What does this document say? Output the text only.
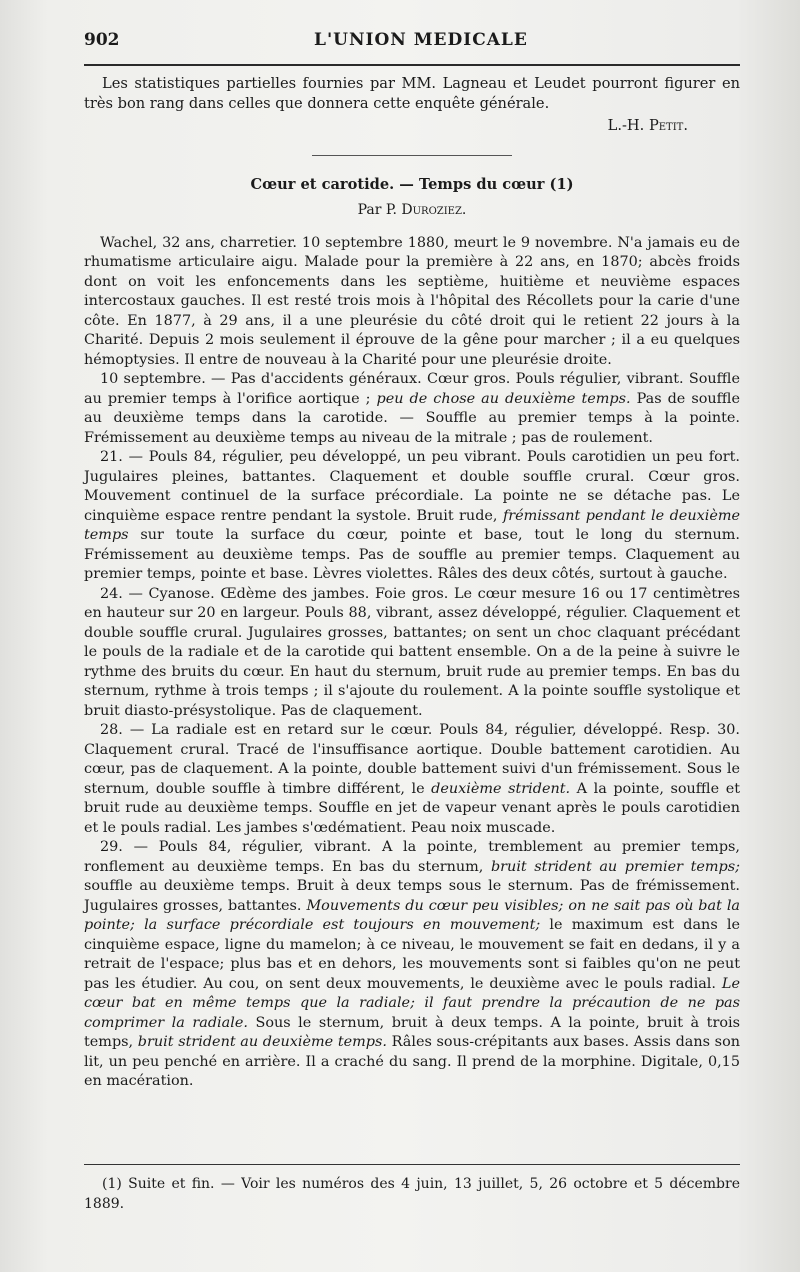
902	L'UNION MEDICALE

Les statistiques partielles fournies par MM. Lagneau et Leudet pourront figurer en très bon rang dans celles que donnera cette enquête générale.

L.-H. Petit.
Cœur et carotide. — Temps du cœur (1)
Par P. Duroziez.

Wachel, 32 ans, charretier. 10 septembre 1880, meurt le 9 novembre. N'a jamais eu de rhumatisme articulaire aigu. Malade pour la première à 22 ans, en 1870; abcès froids dont on voit les enfoncements dans les septième, huitième et neuvième espaces intercostaux gauches. Il est resté trois mois à l'hôpital des Récollets pour la carie d'une côte. En 1877, à 29 ans, il a une pleurésie du côté droit qui le retient 22 jours à la Charité. Depuis 2 mois seulement il éprouve de la gêne pour marcher ; il a eu quelques hémoptysies. Il entre de nouveau à la Charité pour une pleurésie droite.

10 septembre. — Pas d'accidents généraux. Cœur gros. Pouls régulier, vibrant. Souffle au premier temps à l'orifice aortique ; peu de chose au deuxième temps. Pas de souffle au deuxième temps dans la carotide. — Souffle au premier temps à la pointe. Frémissement au deuxième temps au niveau de la mitrale ; pas de roulement.

21. — Pouls 84, régulier, peu développé, un peu vibrant. Pouls carotidien un peu fort. Jugulaires pleines, battantes. Claquement et double souffle crural. Cœur gros. Mouvement continuel de la surface précordiale. La pointe ne se détache pas. Le cinquième espace rentre pendant la systole. Bruit rude, frémissant pendant le deuxième temps sur toute la surface du cœur, pointe et base, tout le long du sternum. Frémissement au deuxième temps. Pas de souffle au premier temps. Claquement au premier temps, pointe et base. Lèvres violettes. Râles des deux côtés, surtout à gauche.

24. — Cyanose. Œdème des jambes. Foie gros. Le cœur mesure 16 ou 17 centimètres en hauteur sur 20 en largeur. Pouls 88, vibrant, assez développé, régulier. Claquement et double souffle crural. Jugulaires grosses, battantes; on sent un choc claquant précédant le pouls de la radiale et de la carotide qui battent ensemble. On a de la peine à suivre le rythme des bruits du cœur. En haut du sternum, bruit rude au premier temps. En bas du sternum, rythme à trois temps ; il s'ajoute du roulement. A la pointe souffle systolique et bruit diasto-présystolique. Pas de claquement.

28. — La radiale est en retard sur le cœur. Pouls 84, régulier, développé. Resp. 30. Claquement crural. Tracé de l'insuffisance aortique. Double battement carotidien. Au cœur, pas de claquement. A la pointe, double battement suivi d'un frémissement. Sous le sternum, double souffle à timbre différent, le deuxième strident. A la pointe, souffle et bruit rude au deuxième temps. Souffle en jet de vapeur venant après le pouls carotidien et le pouls radial. Les jambes s'œdématient. Peau noix muscade.

29. — Pouls 84, régulier, vibrant. A la pointe, tremblement au premier temps, ronflement au deuxième temps. En bas du sternum, bruit strident au premier temps; souffle au deuxième temps. Bruit à deux temps sous le sternum. Pas de frémissement. Jugulaires grosses, battantes. Mouvements du cœur peu visibles; on ne sait pas où bat la pointe; la surface précordiale est toujours en mouvement; le maximum est dans le cinquième espace, ligne du mamelon; à ce niveau, le mouvement se fait en dedans, il y a retrait de l'espace; plus bas et en dehors, les mouvements sont si faibles qu'on ne peut pas les étudier. Au cou, on sent deux mouvements, le deuxième avec le pouls radial. Le cœur bat en même temps que la radiale; il faut prendre la précaution de ne pas comprimer la radiale. Sous le sternum, bruit à deux temps. A la pointe, bruit à trois temps, bruit strident au deuxième temps. Râles sous-crépitants aux bases. Assis dans son lit, un peu penché en arrière. Il a craché du sang. Il prend de la morphine. Digitale, 0,15 en macération.

(1) Suite et fin. — Voir les numéros des 4 juin, 13 juillet, 5, 26 octobre et 5 décembre 1889.
